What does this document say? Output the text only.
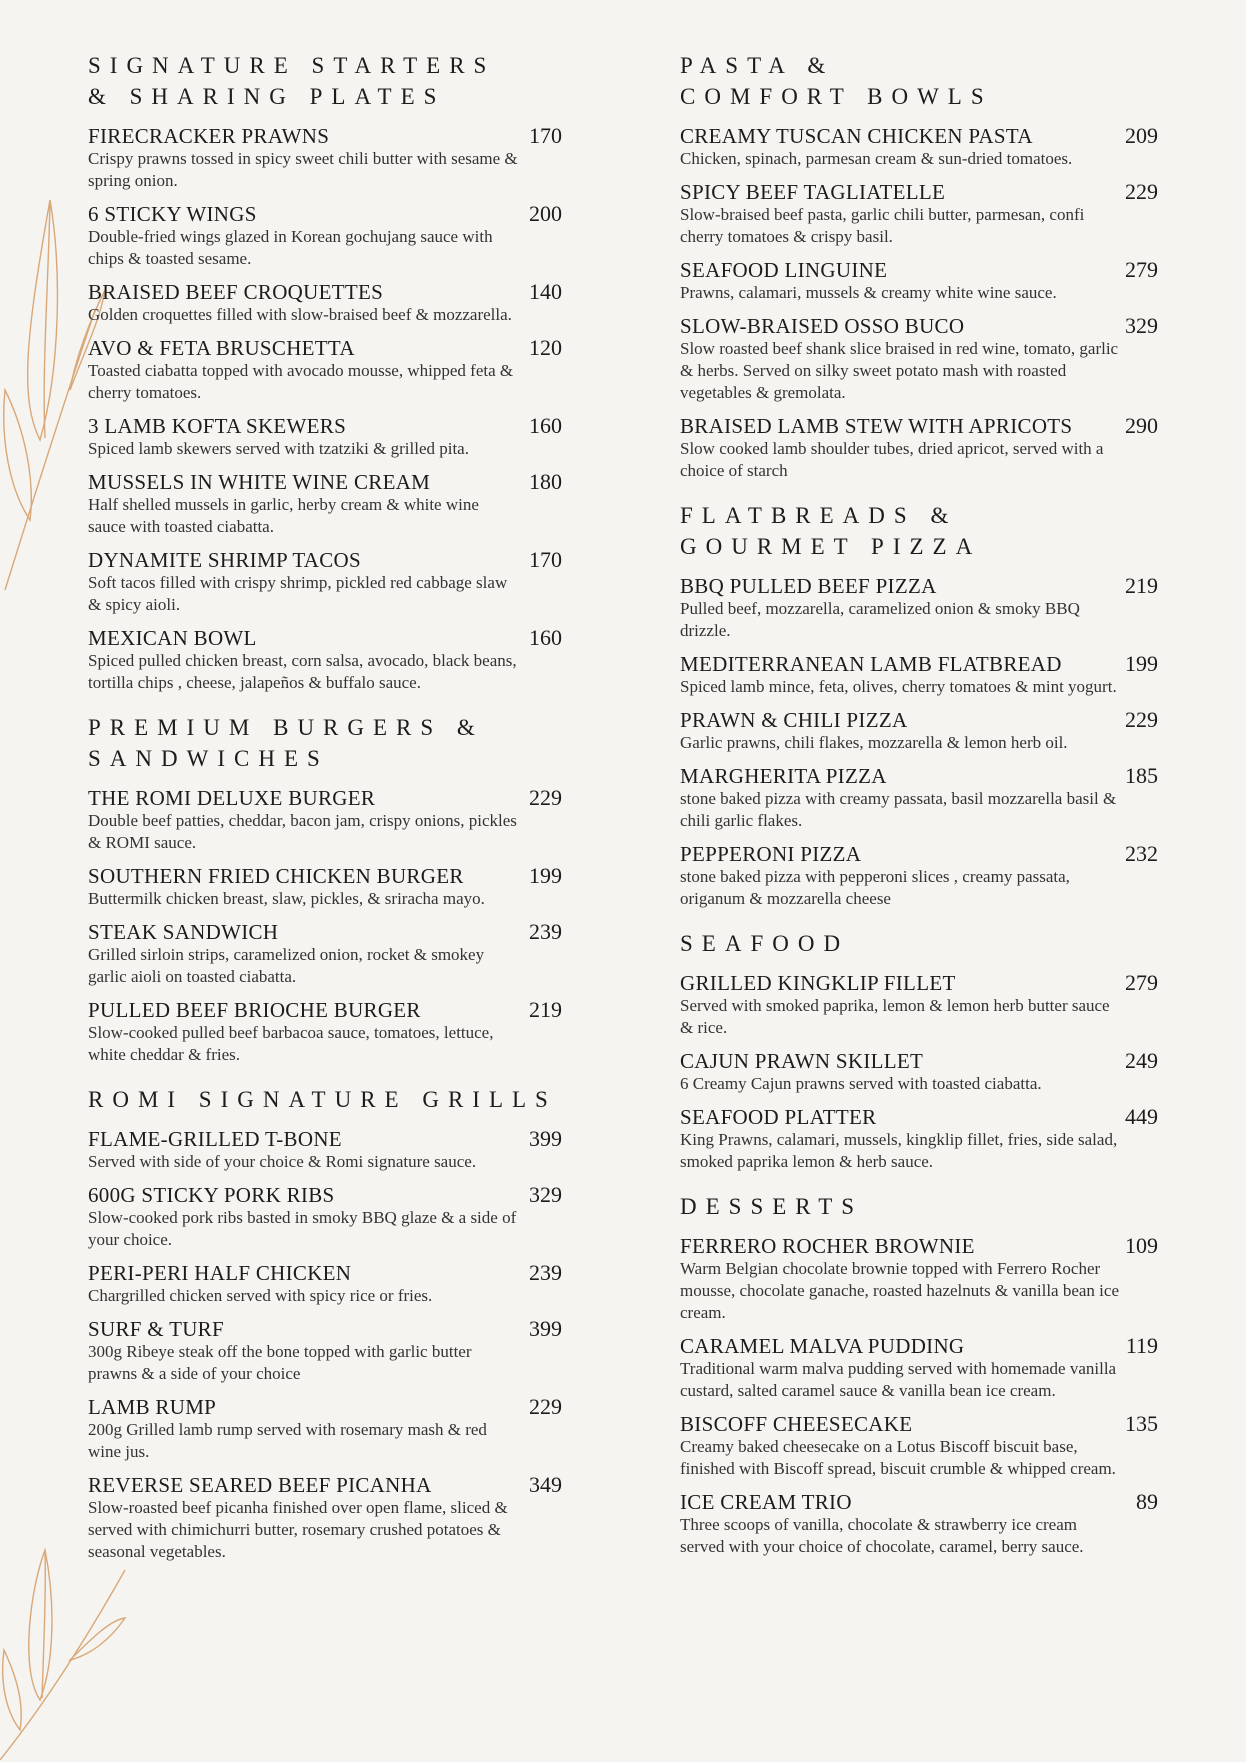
SIGNATURE STARTERS
& SHARING PLATES
FIRECRACKER PRAWNS	170

Crispy prawns tossed in spicy sweet chili butter with sesame & spring onion.

6 STICKY WINGS	200

Double-fried wings glazed in Korean gochujang sauce with chips & toasted sesame.

BRAISED BEEF CROQUETTES	140

Golden croquettes filled with slow-braised beef & mozzarella.

AVO & FETA BRUSCHETTA	120

Toasted ciabatta topped with avocado mousse, whipped feta & cherry tomatoes.

3 LAMB KOFTA SKEWERS	160

Spiced lamb skewers served with tzatziki & grilled pita.

MUSSELS IN WHITE WINE CREAM	180

Half shelled mussels in garlic, herby cream & white wine sauce with toasted ciabatta.

DYNAMITE SHRIMP TACOS	170

Soft tacos filled with crispy shrimp, pickled red cabbage slaw & spicy aioli.

MEXICAN BOWL	160

Spiced pulled chicken breast, corn salsa, avocado, black beans, tortilla chips , cheese, jalapeños & buffalo sauce.

PREMIUM BURGERS &
SANDWICHES
THE ROMI DELUXE BURGER	229

Double beef patties, cheddar, bacon jam, crispy onions, pickles & ROMI sauce.

SOUTHERN FRIED CHICKEN BURGER	199

Buttermilk chicken breast, slaw, pickles, & sriracha mayo.

STEAK SANDWICH	239

Grilled sirloin strips, caramelized onion, rocket & smokey garlic aioli on toasted ciabatta.

PULLED BEEF BRIOCHE BURGER	219

Slow-cooked pulled beef barbacoa sauce, tomatoes, lettuce, white cheddar & fries.

ROMI SIGNATURE GRILLS
FLAME-GRILLED T-BONE	399

Served with side of your choice & Romi signature sauce.

600G STICKY PORK RIBS	329

Slow-cooked pork ribs basted in smoky BBQ glaze & a side of your choice.

PERI-PERI HALF CHICKEN	239

Chargrilled chicken served with spicy rice or fries.

SURF & TURF	399

300g Ribeye steak off the bone topped with garlic butter prawns & a side of your choice

LAMB RUMP	229

200g Grilled lamb rump served with rosemary mash & red wine jus.

REVERSE SEARED BEEF PICANHA	349

Slow-roasted beef picanha finished over open flame, sliced & served with chimichurri butter, rosemary crushed potatoes & seasonal vegetables.

PASTA &
COMFORT BOWLS
CREAMY TUSCAN CHICKEN PASTA	209

Chicken, spinach, parmesan cream & sun-dried tomatoes.

SPICY BEEF TAGLIATELLE	229

Slow-braised beef pasta, garlic chili butter, parmesan, confi cherry tomatoes & crispy basil.

SEAFOOD LINGUINE	279

Prawns, calamari, mussels & creamy white wine sauce.

SLOW-BRAISED OSSO BUCO	329

Slow roasted beef shank slice braised in red wine, tomato, garlic & herbs. Served on silky sweet potato mash with roasted vegetables & gremolata.

BRAISED LAMB STEW WITH APRICOTS 290

Slow cooked lamb shoulder tubes, dried apricot, served with a choice of starch

FLATBREADS &
GOURMET PIZZA
BBQ PULLED BEEF PIZZA	219

Pulled beef, mozzarella, caramelized onion & smoky BBQ drizzle.

MEDITERRANEAN LAMB FLATBREAD	199

Spiced lamb mince, feta, olives, cherry tomatoes & mint yogurt.

PRAWN & CHILI PIZZA	229

Garlic prawns, chili flakes, mozzarella & lemon herb oil.

MARGHERITA PIZZA	185

stone baked pizza with creamy passata, basil mozzarella basil & chili garlic flakes.

PEPPERONI PIZZA	232

stone baked pizza with pepperoni slices , creamy passata, origanum & mozzarella cheese

SEAFOOD
GRILLED KINGKLIP FILLET	279

Served with smoked paprika, lemon & lemon herb butter sauce & rice.

CAJUN PRAWN SKILLET	249

6 Creamy Cajun prawns served with toasted ciabatta.

SEAFOOD PLATTER	449

King Prawns, calamari, mussels, kingklip fillet, fries, side salad, smoked paprika lemon & herb sauce.

DESSERTS
FERRERO ROCHER BROWNIE	109

Warm Belgian chocolate brownie topped with Ferrero Rocher mousse, chocolate ganache, roasted hazelnuts & vanilla bean ice cream.

CARAMEL MALVA PUDDING	119

Traditional warm malva pudding served with homemade vanilla custard, salted caramel sauce & vanilla bean ice cream.

BISCOFF CHEESECAKE	135

Creamy baked cheesecake on a Lotus Biscoff biscuit base, finished with Biscoff spread, biscuit crumble & whipped cream.

ICE CREAM TRIO	89

Three scoops of vanilla, chocolate & strawberry ice cream served with your choice of chocolate, caramel, berry sauce.
